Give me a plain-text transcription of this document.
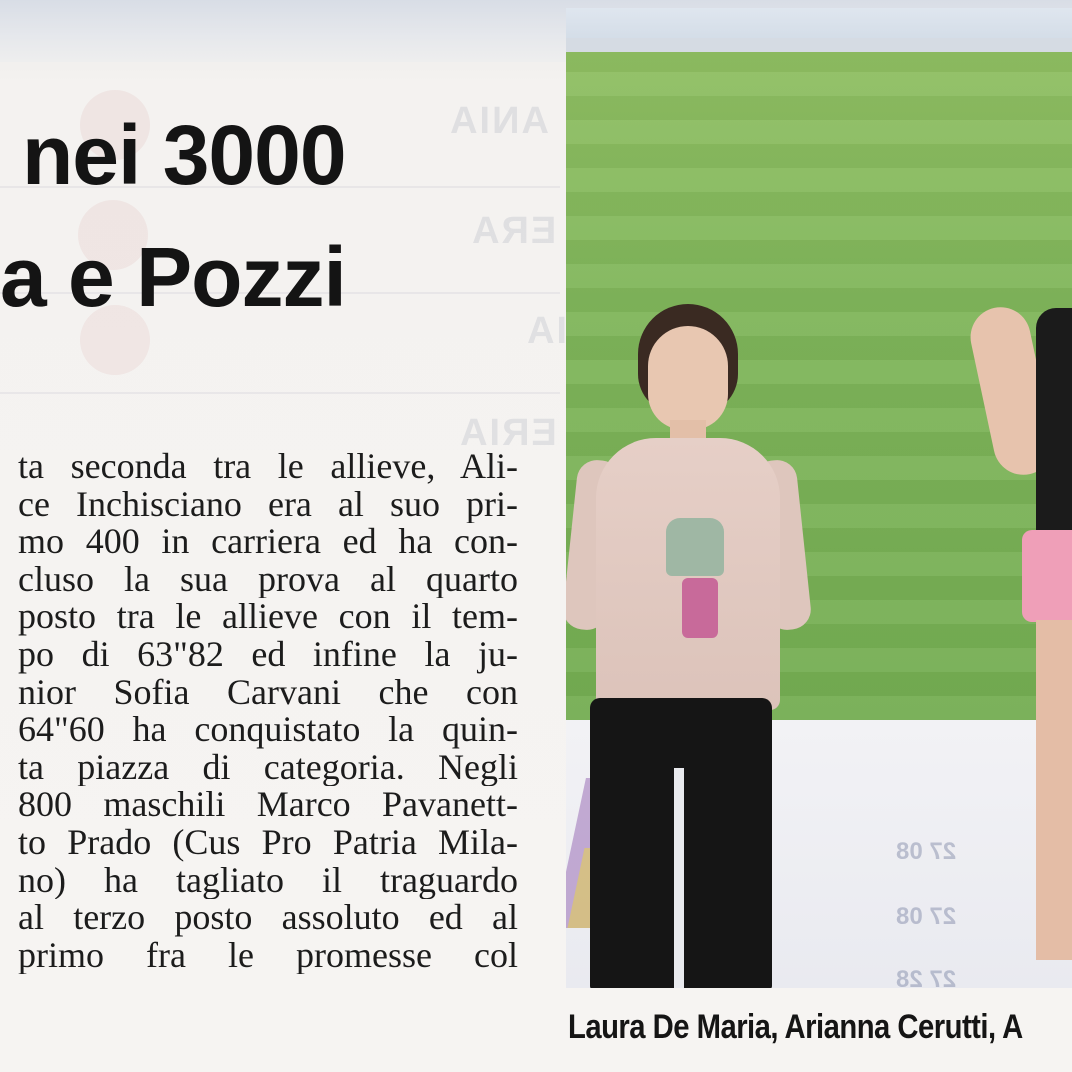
ANIA
ERA
IA
ERIA
nei 3000
a e Pozzi
ta seconda tra le allieve, Ali-
ce Inchisciano era al suo pri-
mo 400 in carriera ed ha con-
cluso la sua prova al quarto
posto tra le allieve con il tem-
po di 63"82 ed infine la ju-
nior Sofia Carvani che con
64"60 ha conquistato la quin-
ta piazza di categoria. Negli
800 maschili Marco Pavanett-
to Prado (Cus Pro Patria Mila-
no) ha tagliato il traguardo
al terzo posto assoluto ed al
primo fra le promesse col
27 08
27 08
27 28
Laura De Maria, Arianna Cerutti, A
